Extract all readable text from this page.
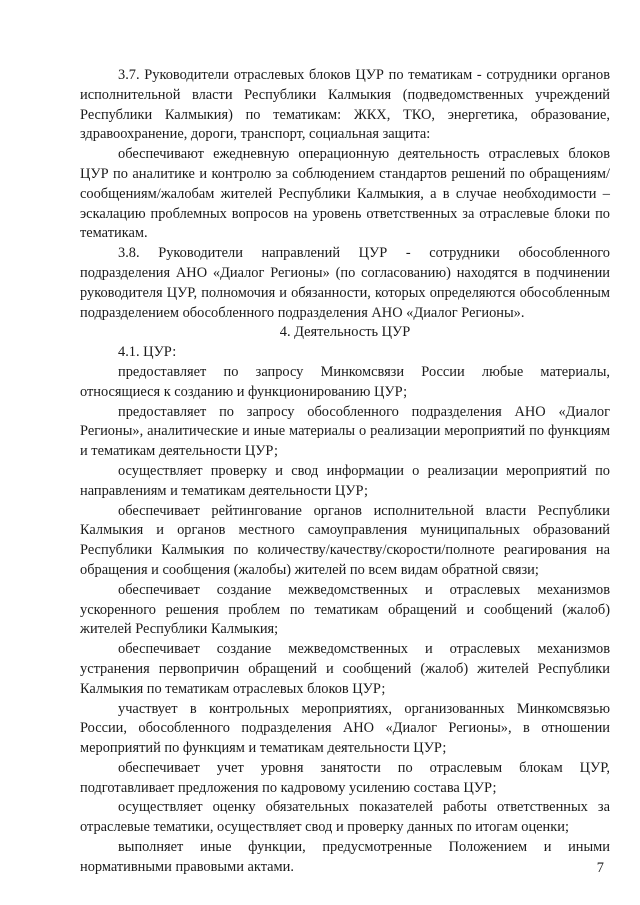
3.7. Руководители отраслевых блоков ЦУР по тематикам - сотрудники органов исполнительной власти Республики Калмыкия (подведомственных учреждений Республики Калмыкия) по тематикам: ЖКХ, ТКО, энергетика, образование, здравоохранение, дороги, транспорт, социальная защита:

обеспечивают ежедневную операционную деятельность отраслевых блоков ЦУР по аналитике и контролю за соблюдением стандартов решений по обращениям/сообщениям/жалобам жителей Республики Калмыкия, а в случае необходимости – эскалацию проблемных вопросов на уровень ответственных за отраслевые блоки по тематикам.

3.8. Руководители направлений ЦУР - сотрудники обособленного подразделения АНО «Диалог Регионы» (по согласованию) находятся в подчинении руководителя ЦУР, полномочия и обязанности, которых определяются обособленным подразделением обособленного подразделения АНО «Диалог Регионы».

4. Деятельность ЦУР

4.1. ЦУР:

предоставляет по запросу Минкомсвязи России любые материалы, относящиеся к созданию и функционированию ЦУР;

предоставляет по запросу обособленного подразделения АНО «Диалог Регионы», аналитические и иные материалы о реализации мероприятий по функциям и тематикам деятельности ЦУР;

осуществляет проверку и свод информации о реализации мероприятий по направлениям и тематикам деятельности ЦУР;

обеспечивает рейтингование органов исполнительной власти Республики Калмыкия и органов местного самоуправления муниципальных образований Республики Калмыкия по количеству/качеству/скорости/полноте реагирования на обращения и сообщения (жалобы) жителей по всем видам обратной связи;

обеспечивает создание межведомственных и отраслевых механизмов ускоренного решения проблем по тематикам обращений и сообщений (жалоб) жителей Республики Калмыкия;

обеспечивает создание межведомственных и отраслевых механизмов устранения первопричин обращений и сообщений (жалоб) жителей Республики Калмыкия по тематикам отраслевых блоков ЦУР;

участвует в контрольных мероприятиях, организованных Минкомсвязью России, обособленного подразделения АНО «Диалог Регионы», в отношении мероприятий по функциям и тематикам деятельности ЦУР;

обеспечивает учет уровня занятости по отраслевым блокам ЦУР, подготавливает предложения по кадровому усилению состава ЦУР;

осуществляет оценку обязательных показателей работы ответственных за отраслевые тематики, осуществляет свод и проверку данных по итогам оценки;

выполняет иные функции, предусмотренные Положением и иными нормативными правовыми актами.	7
